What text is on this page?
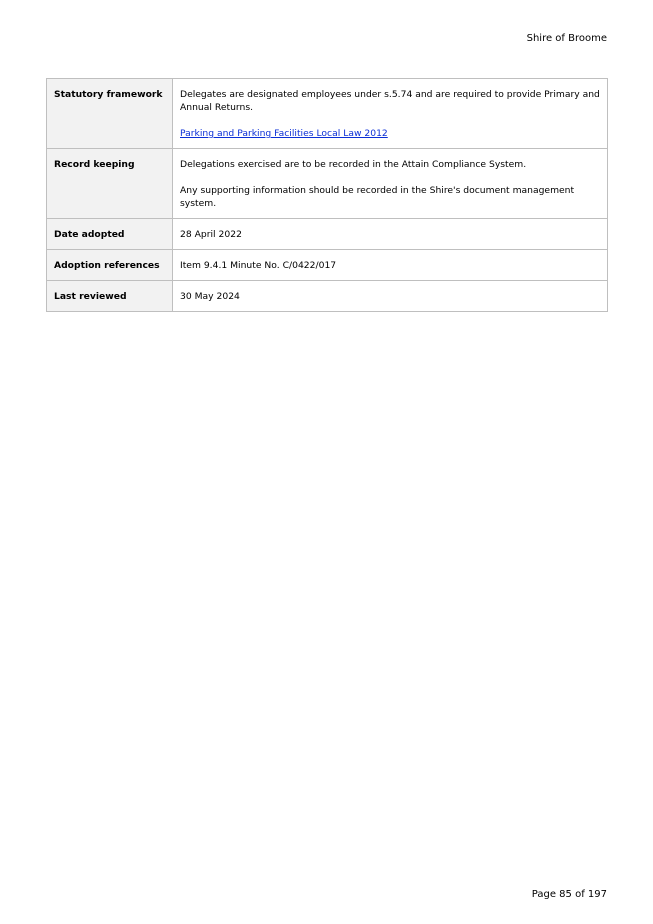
Shire of Broome
Statutory framework	Delegates are designated employees under s.5.74 and are required to provide Primary and Annual Returns.

Parking and Parking Facilities Local Law 2012

Record keeping	Delegations exercised are to be recorded in the Attain Compliance System.

Any supporting information should be recorded in the Shire's document management system.

Date adopted	28 April 2022
Adoption references	Item 9.4.1 Minute No. C/0422/017
Last reviewed	30 May 2024
Page 85 of 197
